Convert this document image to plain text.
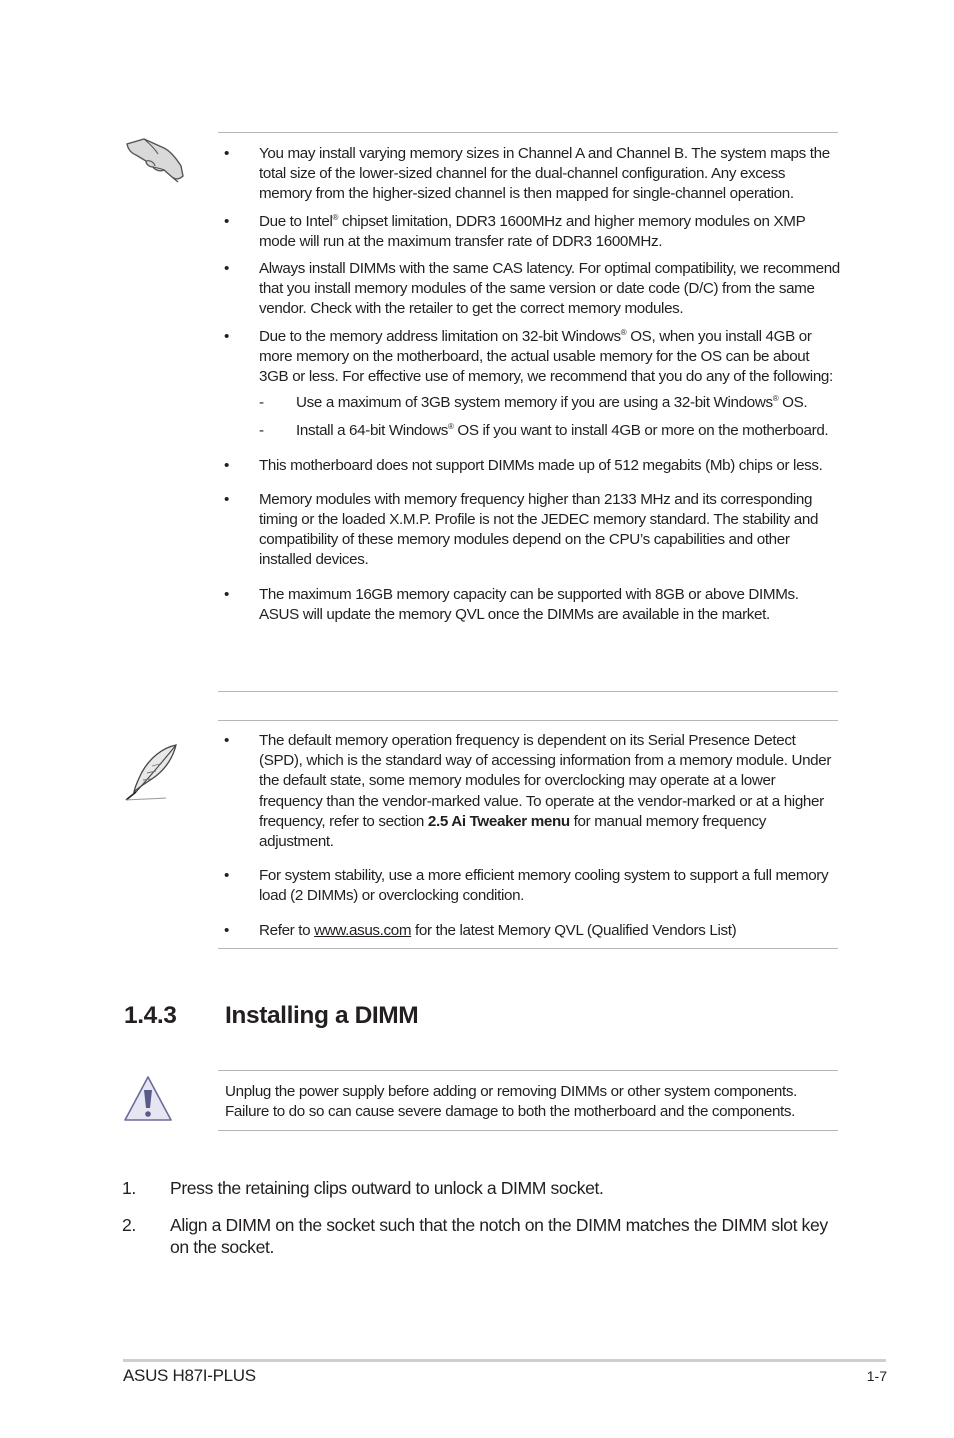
• You may install varying memory sizes in Channel A and Channel B. The system maps the total size of the lower-sized channel for the dual-channel configuration. Any excess memory from the higher-sized channel is then mapped for single-channel operation.
• Due to Intel® chipset limitation, DDR3 1600MHz and higher memory modules on XMP mode will run at the maximum transfer rate of DDR3 1600MHz.
• Always install DIMMs with the same CAS latency. For optimal compatibility, we recommend that you install memory modules of the same version or date code (D/C) from the same vendor. Check with the retailer to get the correct memory modules.
• Due to the memory address limitation on 32-bit Windows® OS, when you install 4GB or more memory on the motherboard, the actual usable memory for the OS can be about 3GB or less. For effective use of memory, we recommend that you do any of the following:
- Use a maximum of 3GB system memory if you are using a 32-bit Windows® OS.
- Install a 64-bit Windows® OS if you want to install 4GB or more on the motherboard.
• This motherboard does not support DIMMs made up of 512 megabits (Mb) chips or less.
• Memory modules with memory frequency higher than 2133 MHz and its corresponding timing or the loaded X.M.P. Profile is not the JEDEC memory standard. The stability and compatibility of these memory modules depend on the CPU’s capabilities and other installed devices.
• The maximum 16GB memory capacity can be supported with 8GB or above DIMMs. ASUS will update the memory QVL once the DIMMs are available in the market.
• The default memory operation frequency is dependent on its Serial Presence Detect (SPD), which is the standard way of accessing information from a memory module. Under the default state, some memory modules for overclocking may operate at a lower frequency than the vendor-marked value. To operate at the vendor-marked or at a higher frequency, refer to section 2.5 Ai Tweaker menu for manual memory frequency adjustment.
• For system stability, use a more efficient memory cooling system to support a full memory load (2 DIMMs) or overclocking condition.
• Refer to www.asus.com for the latest Memory QVL (Qualified Vendors List)
1.4.3 Installing a DIMM
Unplug the power supply before adding or removing DIMMs or other system components. Failure to do so can cause severe damage to both the motherboard and the components.
1. Press the retaining clips outward to unlock a DIMM socket.
2. Align a DIMM on the socket such that the notch on the DIMM matches the DIMM slot key on the socket.
ASUS H87I-PLUS	1-7
